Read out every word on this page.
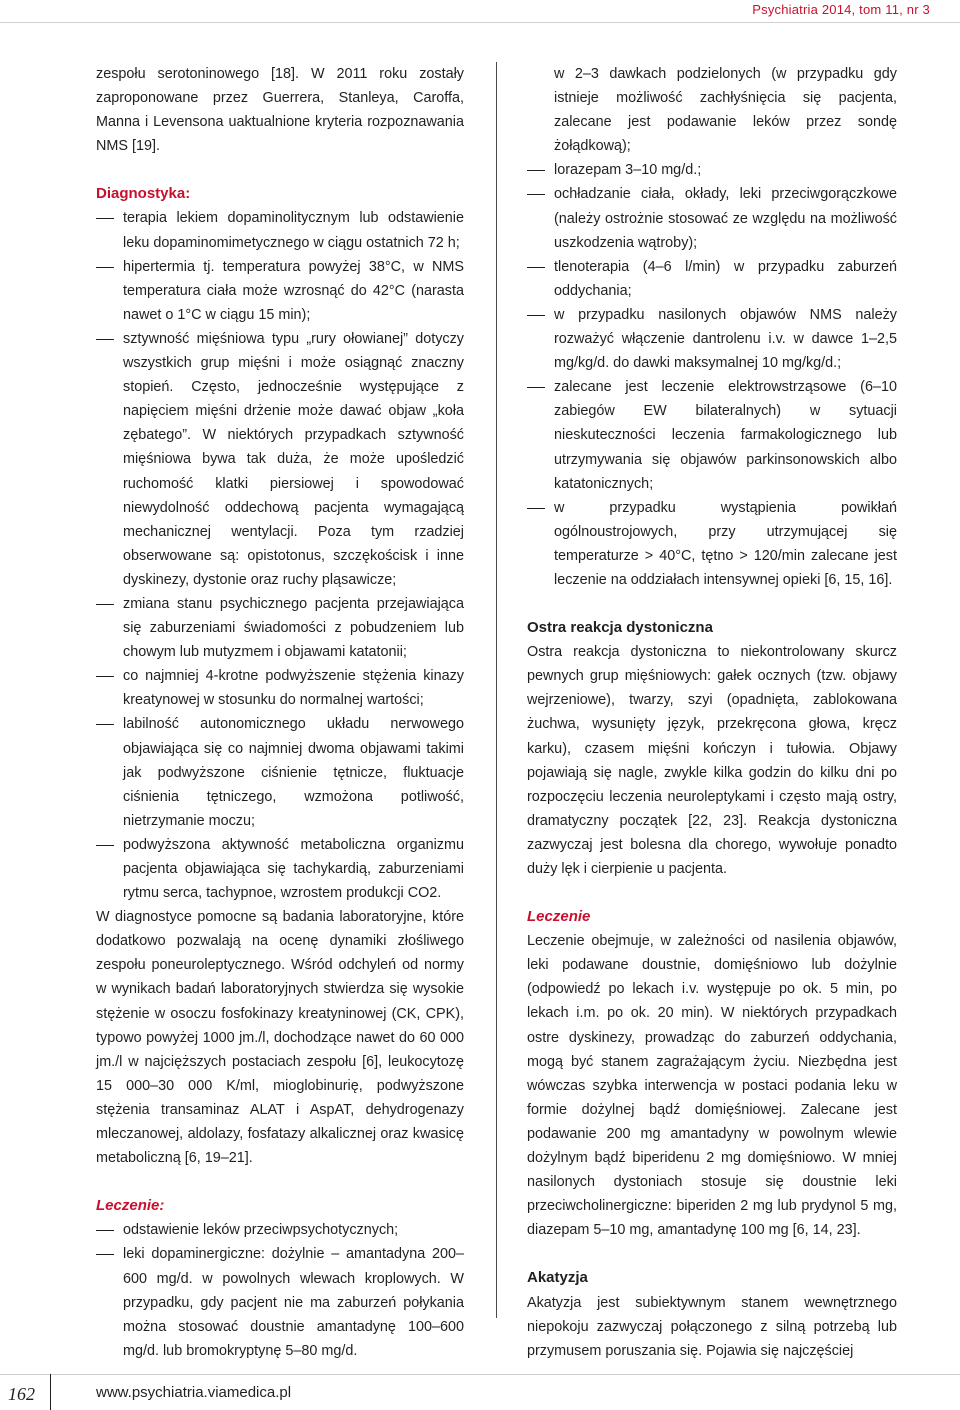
Psychiatria 2014, tom 11, nr 3

zespołu serotoninowego [18]. W 2011 roku zostały zaproponowane przez Guerrera, Stanleya, Caroffa, Manna i Levensona uaktualnione kryteria rozpoznawania NMS [19].

Diagnostyka:

terapia lekiem dopaminolitycznym lub odstawienie leku dopaminomimetycznego w ciągu ostatnich 72 h;
hipertermia tj. temperatura powyżej 38°C, w NMS temperatura ciała może wzrosnąć do 42°C (narasta nawet o 1°C w ciągu 15 min);
sztywność mięśniowa typu „rury ołowianej” dotyczy wszystkich grup mięśni i może osiągnąć znaczny stopień. Często, jednocześnie występujące z napięciem mięśni drżenie może dawać objaw „koła zębatego”. W niektórych przypadkach sztywność mięśniowa bywa tak duża, że może upośledzić ruchomość klatki piersiowej i spowodować niewydolność oddechową pacjenta wymagającą mechanicznej wentylacji. Poza tym rzadziej obserwowane są: opistotonus, szczękościsk i inne dyskinezy, dystonie oraz ruchy pląsawicze;
zmiana stanu psychicznego pacjenta przejawiająca się zaburzeniami świadomości z pobudzeniem lub chowym lub mutyzmem i objawami katatonii;
co najmniej 4-krotne podwyższenie stężenia kinazy kreatynowej w stosunku do normalnej wartości;
labilność autonomicznego układu nerwowego objawiająca się co najmniej dwoma objawami takimi jak podwyższone ciśnienie tętnicze, fluktuacje ciśnienia tętniczego, wzmożona potliwość, nietrzymanie moczu;
podwyższona aktywność metaboliczna organizmu pacjenta objawiająca się tachykardią, zaburzeniami rytmu serca, tachypnoe, wzrostem produkcji CO2.

W diagnostyce pomocne są badania laboratoryjne, które dodatkowo pozwalają na ocenę dynamiki złośliwego zespołu poneuroleptycznego. Wśród odchyleń od normy w wynikach badań laboratoryjnych stwierdza się wysokie stężenie w osoczu fosfokinazy kreatyninowej (CK, CPK), typowo powyżej 1000 jm./l, dochodzące nawet do 60 000 jm./l w najcięższych postaciach zespołu [6], leukocytozę 15 000–30 000 K/ml, mioglobinurię, podwyższone stężenia transaminaz ALAT i AspAT, dehydrogenazy mleczanowej, aldolazy, fosfatazy alkalicznej oraz kwasicę metaboliczną [6, 19–21].

Leczenie:

odstawienie leków przeciwpsychotycznych;
leki dopaminergiczne: dożylnie – amantadyna 200–600 mg/d. w powolnych wlewach kroplowych. W przypadku, gdy pacjent nie ma zaburzeń połykania można stosować doustnie amantadynę 100–600 mg/d. lub bromokryptynę 5–80 mg/d.
w 2–3 dawkach podzielonych (w przypadku gdy istnieje możliwość zachłyśnięcia się pacjenta, zalecane jest podawanie leków przez sondę żołądkową);
lorazepam 3–10 mg/d.;
ochładzanie ciała, okłady, leki przeciwgorączkowe (należy ostrożnie stosować ze względu na możliwość uszkodzenia wątroby);
tlenoterapia (4–6 l/min) w przypadku zaburzeń oddychania;
w przypadku nasilonych objawów NMS należy rozważyć włączenie dantrolenu i.v. w dawce 1–2,5 mg/kg/d. do dawki maksymalnej 10 mg/kg/d.;
zalecane jest leczenie elektrowstrząsowe (6–10 zabiegów EW bilateralnych) w sytuacji nieskuteczności leczenia farmakologicznego lub utrzymywania się objawów parkinsonowskich albo katatonicznych;
w przypadku wystąpienia powikłań ogólnoustrojowych, przy utrzymującej się temperaturze > 40°C, tętno > 120/min zalecane jest leczenie na oddziałach intensywnej opieki [6, 15, 16].

Ostra reakcja dystoniczna

Ostra reakcja dystoniczna to niekontrolowany skurcz pewnych grup mięśniowych: gałek ocznych (tzw. objawy wejrzeniowe), twarzy, szyi (opadnięta, zablokowana żuchwa, wysunięty język, przekręcona głowa, kręcz karku), czasem mięśni kończyn i tułowia. Objawy pojawiają się nagle, zwykle kilka godzin do kilku dni po rozpoczęciu leczenia neuroleptykami i często mają ostry, dramatyczny początek [22, 23]. Reakcja dystoniczna zazwyczaj jest bolesna dla chorego, wywołuje ponadto duży lęk i cierpienie u pacjenta.

Leczenie

Leczenie obejmuje, w zależności od nasilenia objawów, leki podawane doustnie, domięśniowo lub dożylnie (odpowiedź po lekach i.v. występuje po ok. 5 min, po lekach i.m. po ok. 20 min). W niektórych przypadkach ostre dyskinezy, prowadząc do zaburzeń oddychania, mogą być stanem zagrażającym życiu. Niezbędna jest wówczas szybka interwencja w postaci podania leku w formie dożylnej bądź domięśniowej. Zalecane jest podawanie 200 mg amantadyny w powolnym wlewie dożylnym bądź biperidenu 2 mg domięśniowo. W mniej nasilonych dystoniach stosuje się doustnie leki przeciwcholinergiczne: biperiden 2 mg lub prydynol 5 mg, diazepam 5–10 mg, amantadynę 100 mg [6, 14, 23].

Akatyzja

Akatyzja jest subiektywnym stanem wewnętrznego niepokoju zazwyczaj połączonego z silną potrzebą lub przymusem poruszania się. Pojawia się najczęściej

162	www.psychiatria.viamedica.pl
